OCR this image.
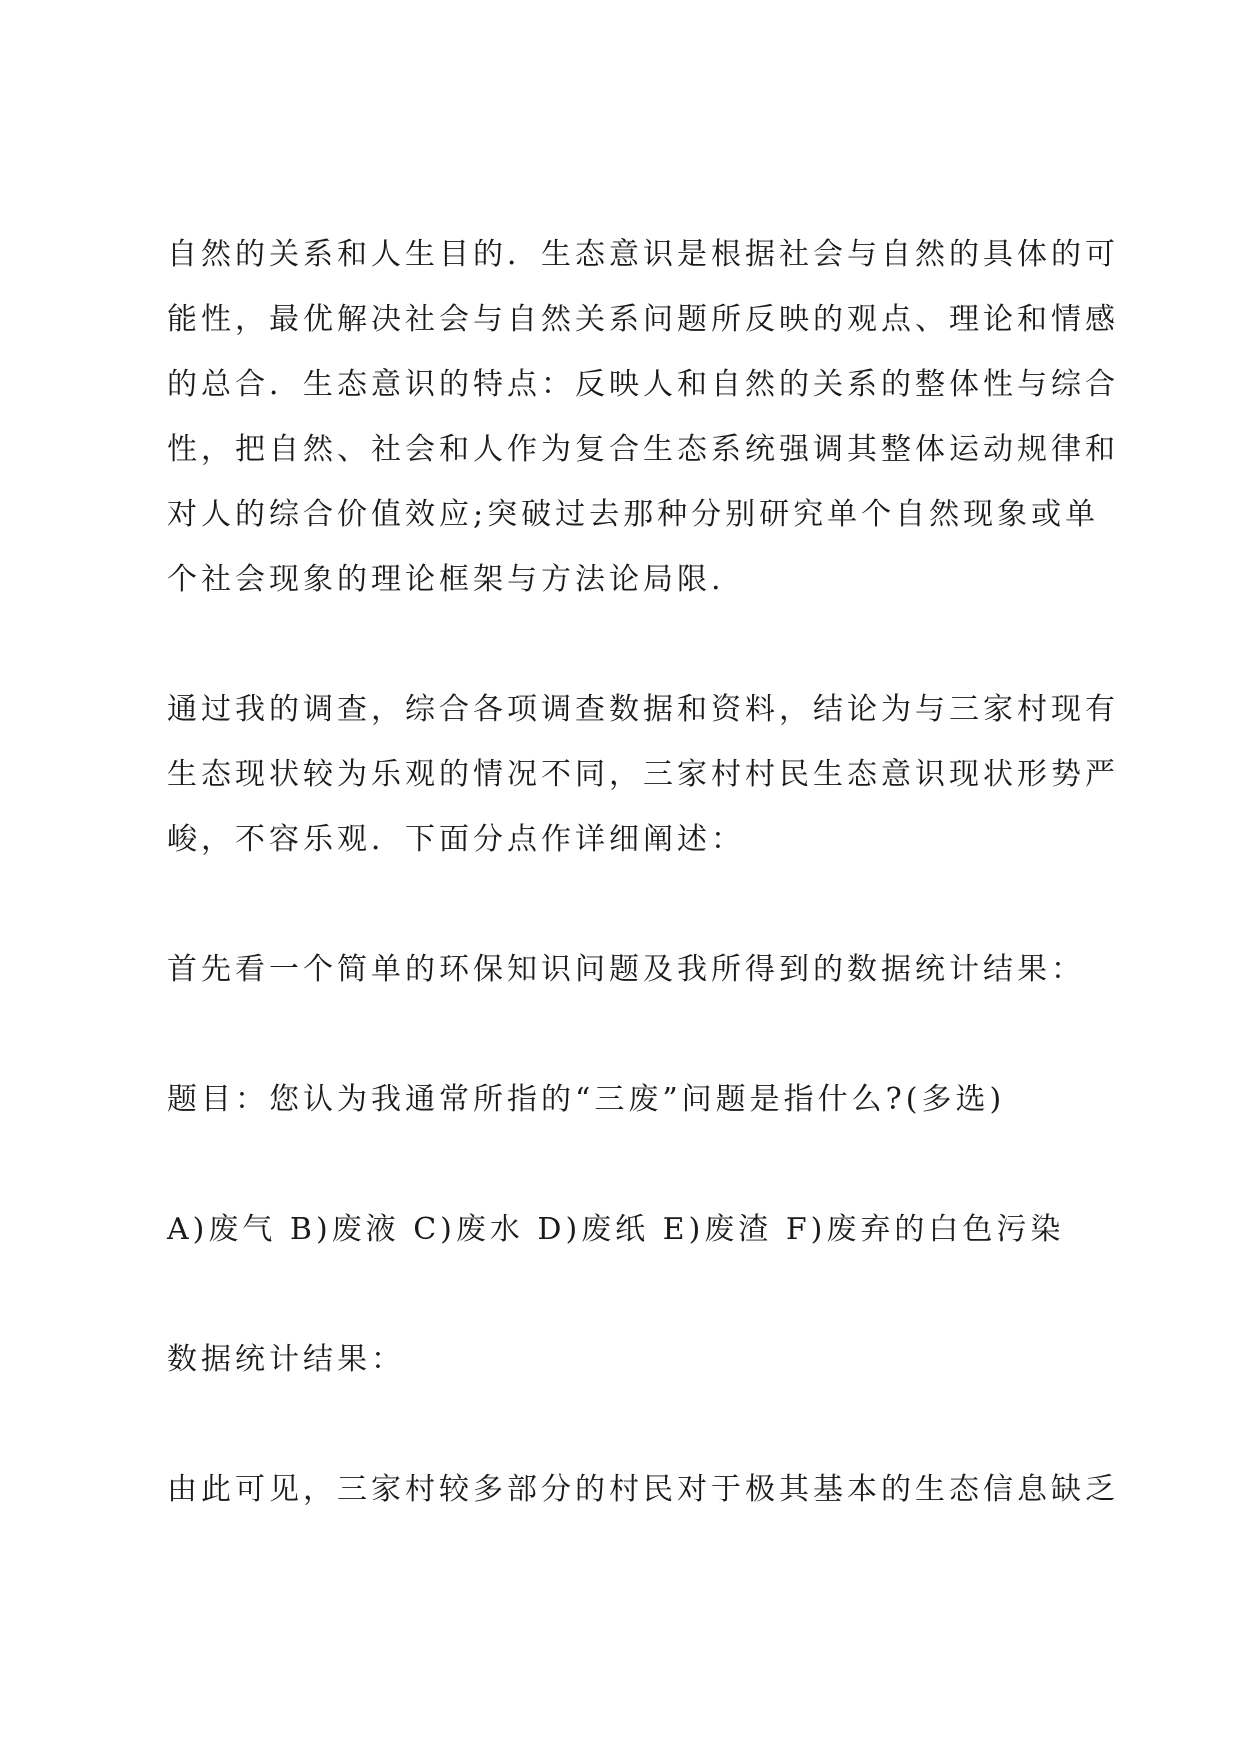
自然的关系和人生目的．生态意识是根据社会与自然的具体的可
能性，最优解决社会与自然关系问题所反映的观点、理论和情感
的总合．生态意识的特点：反映人和自然的关系的整体性与综合
性，把自然、社会和人作为复合生态系统强调其整体运动规律和
对人的综合价值效应;突破过去那种分别研究单个自然现象或单
个社会现象的理论框架与方法论局限.

通过我的调查，综合各项调查数据和资料，结论为与三家村现有
生态现状较为乐观的情况不同，三家村村民生态意识现状形势严
峻，不容乐观．下面分点作详细阐述：

首先看一个简单的环保知识问题及我所得到的数据统计结果：

题目：您认为我通常所指的“三废”问题是指什么?(多选)

A)废气 B)废液 C)废水 D)废纸 E)废渣 F)废弃的白色污染

数据统计结果：

由此可见，三家村较多部分的村民对于极其基本的生态信息缺乏
